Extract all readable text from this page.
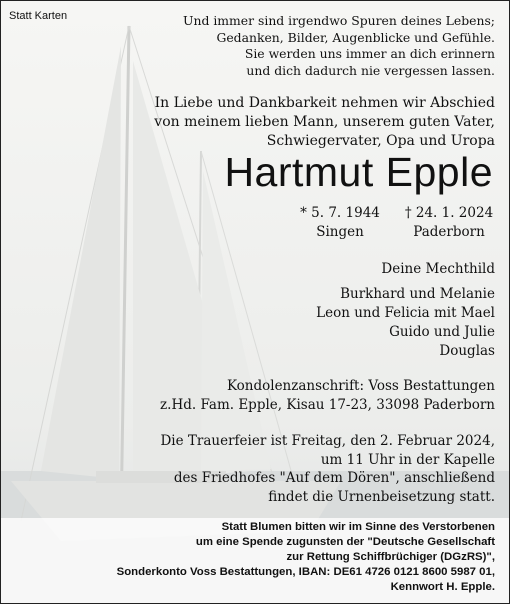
Statt Karten	Und immer sind irgendwo Spuren deines Lebens;
Gedanken, Bilder, Augenblicke und Gefühle.
Sie werden uns immer an dich erinnern
und dich dadurch nie vergessen lassen.
In Liebe und Dankbarkeit nehmen wir Abschied
von meinem lieben Mann, unserem guten Vater,
Schwiegervater, Opa und Uropa
Hartmut Epple
* 5. 7. 1944
Singen
† 24. 1. 2024
Paderborn
Deine Mechthild
Burkhard und Melanie
Leon und Felicia mit Mael
Guido und Julie
Douglas
Kondolenzanschrift: Voss Bestattungen
z.Hd. Fam. Epple, Kisau 17-23, 33098 Paderborn
Die Trauerfeier ist Freitag, den 2. Februar 2024,
um 11 Uhr in der Kapelle
des Friedhofes "Auf dem Dören", anschließend
findet die Urnenbeisetzung statt.
Statt Blumen bitten wir im Sinne des Verstorbenen
um eine Spende zugunsten der "Deutsche Gesellschaft
zur Rettung Schiffbrüchiger (DGzRS)",
Sonderkonto Voss Bestattungen, IBAN: DE61 4726 0121 8600 5987 01,
Kennwort H. Epple.
